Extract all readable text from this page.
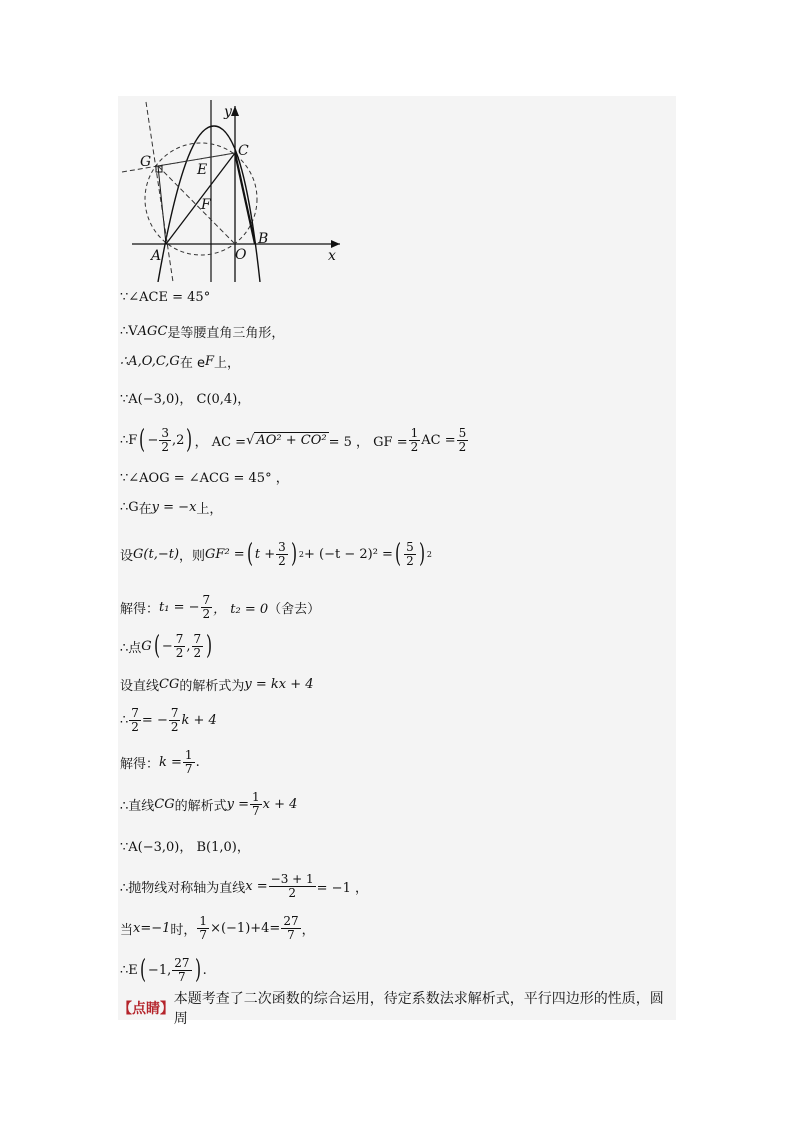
G	E
F
C
y
A	O
B
x
∵∠ACE = 45°
∴V AGC 是等腰直角三角形，
∴A,O,C,G 在 e F 上，
∵A(−3,0)， C(0,4)，
∴F ( − $\frac{3}{2} ,2$ ) ， AC = √ AO² + CO² = 5 ， GF = $\frac{1}{2}$ AC = $\frac{5}{2}$
∵∠AOG = ∠ACG = 45° ，
∴G 在 y = −x 上，
设 G(t,−t) ，则 GF² = ( $t + \frac{3}{2}$ ) 2 + (−t − 2)² = ( $\frac{5}{2}$ ) 2
解得： t₁ = − $\frac{7}{2}$ ， t₂ = 0 （舍去）
∴点 G ( − $\frac{7}{2}$ , $\frac{7}{2}$ )
设直线 CG 的解析式为 y = kx + 4
∴ $\frac{7}{2}$ = − $\frac{7}{2}$ k + 4
解得： $k = \frac{1}{7}$ .
∴直线 CG 的解析式 $y = \frac{1}{7}$ x + 4
∵A(−3,0)， B(1,0)，
∴抛物线对称轴为直线 $x = \frac{-3 + 1}{2} = -1$ ，
当 x=−1 时， $\frac{1}{7} \times(-1)+4= \frac{27}{7}$ ，
∴E ( −1, $\frac{27}{7}$ ) .
【点睛】
本题考查了二次函数的综合运用，待定系数法求解析式，平行四边形的性质，圆周
